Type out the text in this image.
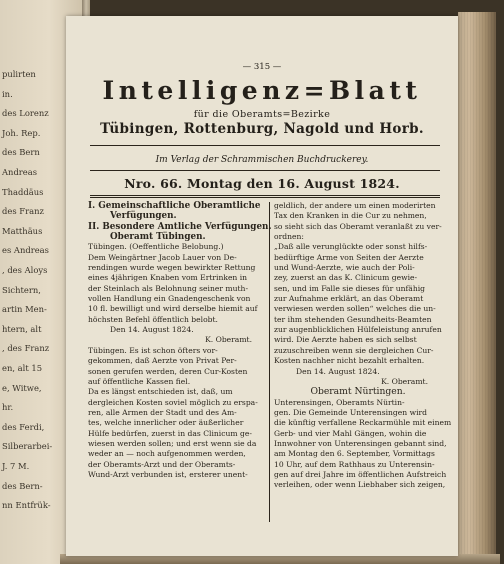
pulirten
in.
des Lorenz
Joh. Rep.
des Bern
Andreas
Thaddäus
des Franz
Matthäus
es Andreas
, des Aloys
Sichtern,
artin Men-
htern, alt
, des Franz
en, alt 15
e, Witwe,
hr.
des Ferdi,
Silberarbei-
J. 7 M.
des Bern-
nn Entfrük-
— 315 —
Intelligenz=Blatt
für die Oberamts=Bezirke
Tübingen, Rottenburg, Nagold und Horb.
Im Verlag der Schrammischen Buchdruckerey.
Nro. 66. Montag den 16. August 1824.
I. Gemeinschaftliche Oberamtliche
Verfügungen.
II. Besondere Amtliche Verfügungen.
Oberamt Tübingen.
Tübingen. (Oeffentliche Belobung.)
Dem Weingärtner Jacob Lauer von De-
rendingen wurde wegen bewirkter Rettung
eines 4jährigen Knaben vom Ertrinken in
der Steinlach als Belohnung seiner muth-
vollen Handlung ein Gnadengeschenk von
10 fl. bewilligt und wird derselbe hiemit auf
höchsten Befehl öffentlich belobt.
Den 14. August 1824.
K. Oberamt.
Tübingen. Es ist schon öfters vor-
gekommen, daß Aerzte von Privat Per-
sonen gerufen werden, deren Cur-Kosten
auf öffentliche Kassen fiel.
Da es längst entschieden ist, daß, um
dergleichen Kosten soviel möglich zu erspa-
ren, alle Armen der Stadt und des Am-
tes, welche innerlicher oder äußerlicher
Hülfe bedürfen, zuerst in das Clinicum ge-
wiesen werden sollen; und erst wenn sie da
weder an — noch aufgenommen werden,
der Oberamts-Arzt und der Oberamts-
Wund-Arzt verbunden ist, ersterer unent-
geldlich, der andere um einen moderirten
Tax den Kranken in die Cur zu nehmen,
so sieht sich das Oberamt veranlaßt zu ver-
ordnen:
„Daß alle verunglückte oder sonst hilfs-
bedürftige Arme von Seiten der Aerzte
und Wund-Aerzte, wie auch der Poli-
zey, zuerst an das K. Clinicum gewie-
sen, und im Falle sie dieses für unfähig
zur Aufnahme erklärt, an das Oberamt
verwiesen werden sollen“ welches die un-
ter ihm stehenden Gesundheits-Beamten
zur augenblicklichen Hülfeleistung anrufen
wird. Die Aerzte haben es sich selbst
zuzuschreiben wenn sie dergleichen Cur-
Kosten nachher nicht bezahlt erhalten.
Den 14. August 1824.
K. Oberamt.
Oberamt Nürtingen.
Unterensingen, Oberamts Nürtin-
gen. Die Gemeinde Unterensingen wird
die künftig verfallene Reckarmühle mit einem
Gerb- und vier Mahl Gängen, wohin die
Innwohner von Unterensingen gebannt sind,
am Montag den 6. September, Vormittags
10 Uhr, auf dem Rathhaus zu Unterensin-
gen auf drei Jahre im öffentlichen Aufstreich
verleihen, oder wenn Liebhaber sich zeigen,
